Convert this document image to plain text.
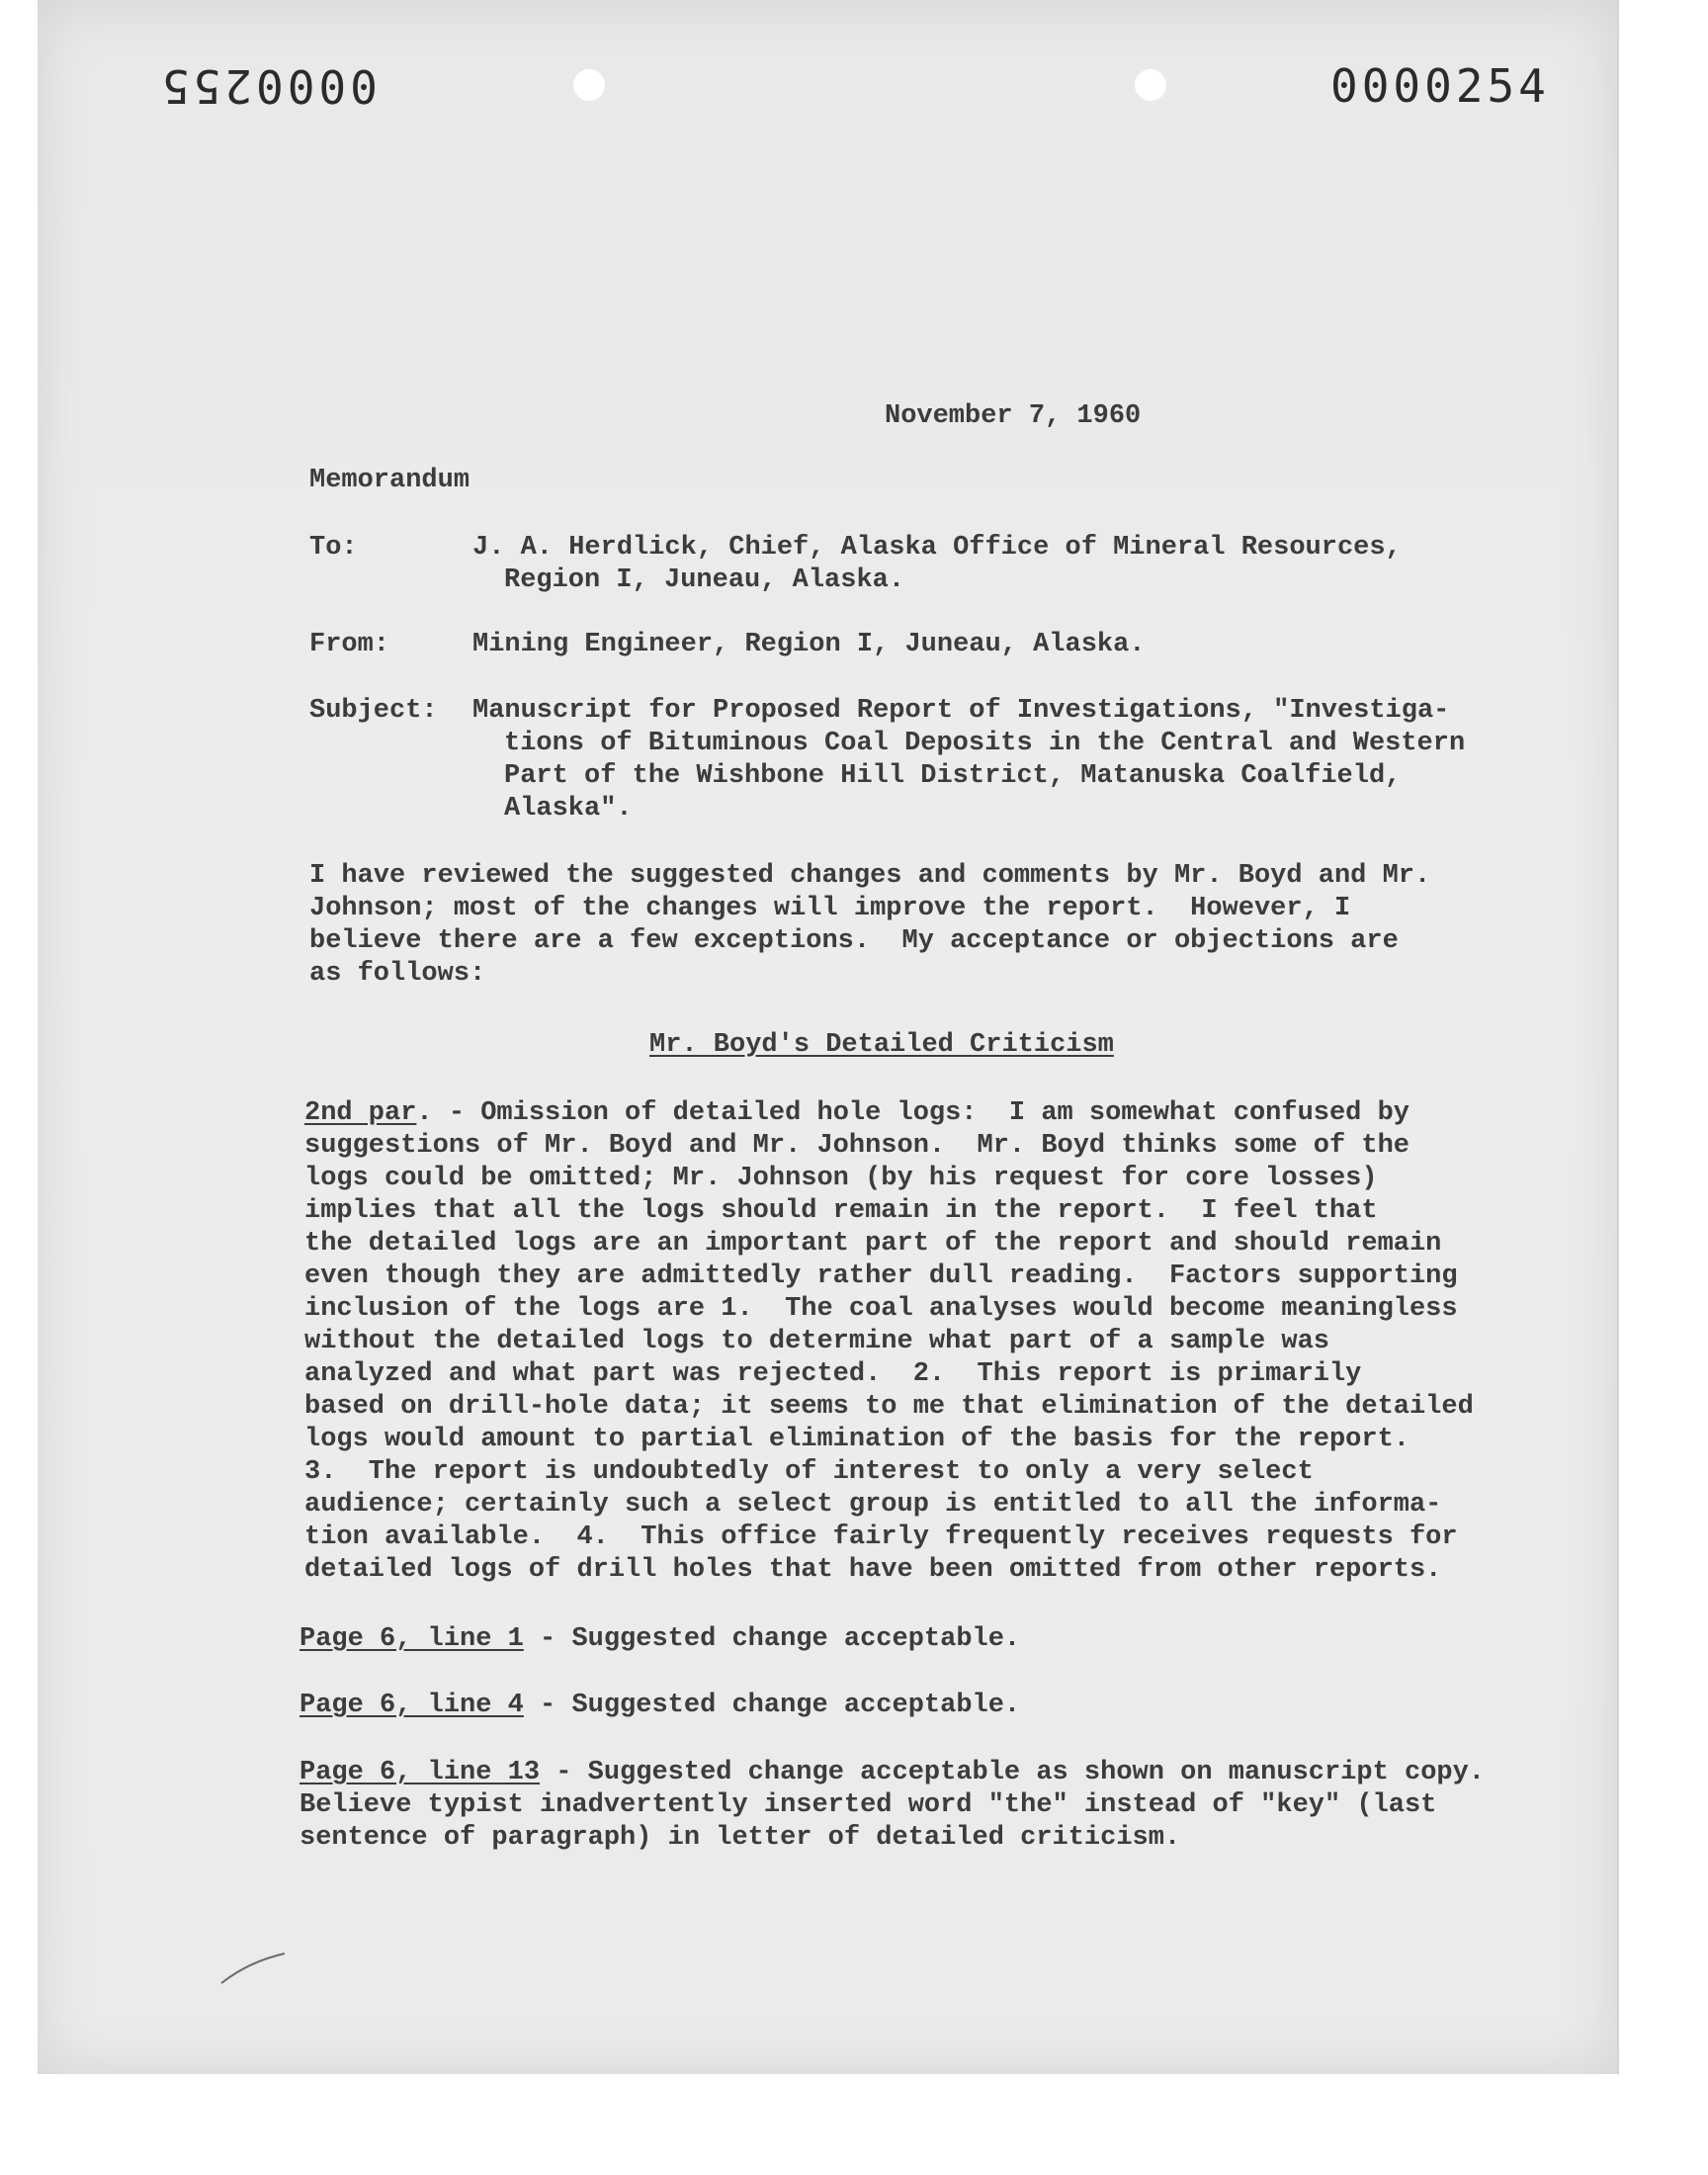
0000255	0000254
November 7, 1960
Memorandum
To:	J. A. Herdlick, Chief, Alaska Office of Mineral Resources,
Region I, Juneau, Alaska.
From:	Mining Engineer, Region I, Juneau, Alaska.
Subject: Manuscript for Proposed Report of Investigations, "Investiga-
tions of Bituminous Coal Deposits in the Central and Western
Part of the Wishbone Hill District, Matanuska Coalfield,
Alaska".
I have reviewed the suggested changes and comments by Mr. Boyd and Mr.
Johnson; most of the changes will improve the report.  However, I
believe there are a few exceptions.  My acceptance or objections are
as follows:
Mr. Boyd's Detailed Criticism
2nd par. - Omission of detailed hole logs:  I am somewhat confused by
suggestions of Mr. Boyd and Mr. Johnson.  Mr. Boyd thinks some of the
logs could be omitted; Mr. Johnson (by his request for core losses)
implies that all the logs should remain in the report.  I feel that
the detailed logs are an important part of the report and should remain
even though they are admittedly rather dull reading.  Factors supporting
inclusion of the logs are 1.  The coal analyses would become meaningless
without the detailed logs to determine what part of a sample was
analyzed and what part was rejected.  2.  This report is primarily
based on drill-hole data; it seems to me that elimination of the detailed
logs would amount to partial elimination of the basis for the report.
3.  The report is undoubtedly of interest to only a very select
audience; certainly such a select group is entitled to all the informa-
tion available.  4.  This office fairly frequently receives requests for
detailed logs of drill holes that have been omitted from other reports.
Page 6, line 1 - Suggested change acceptable.
Page 6, line 4 - Suggested change acceptable.
Page 6, line 13 - Suggested change acceptable as shown on manuscript copy.
Believe typist inadvertently inserted word "the" instead of "key" (last
sentence of paragraph) in letter of detailed criticism.
